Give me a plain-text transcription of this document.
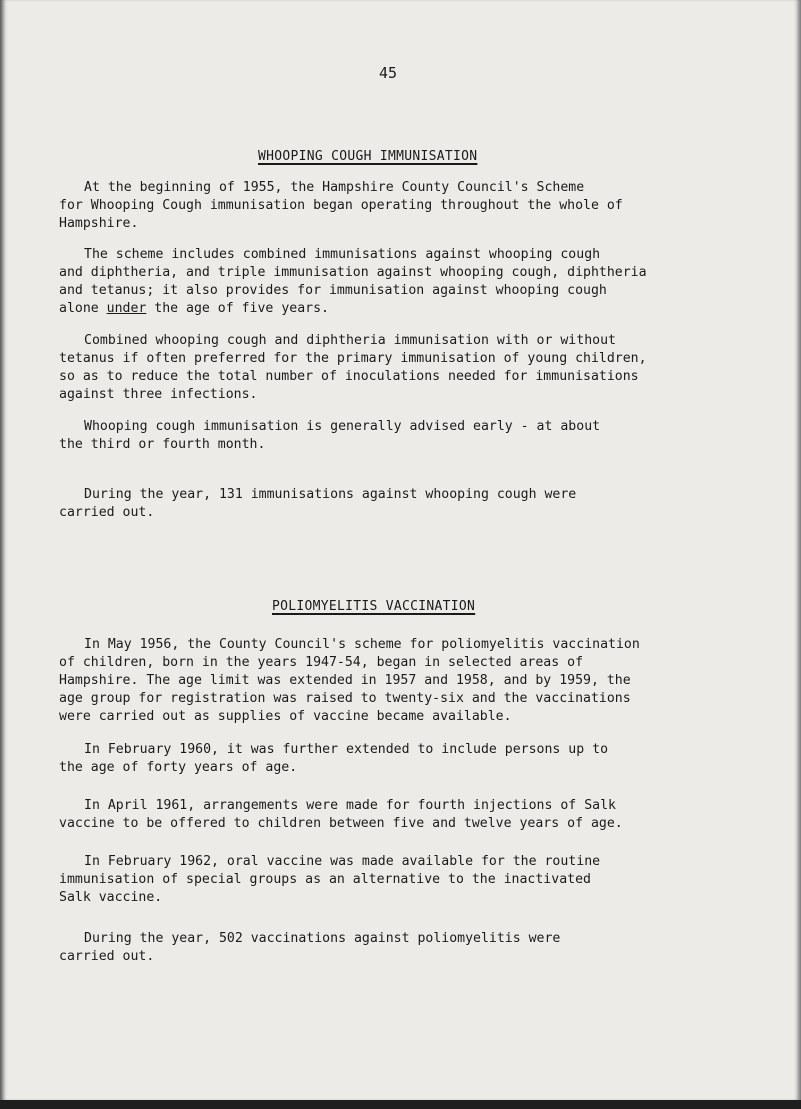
45
WHOOPING COUGH IMMUNISATION

At the beginning of 1955, the Hampshire County Council's Scheme
for Whooping Cough immunisation began operating throughout the whole of
Hampshire.

The scheme includes combined immunisations against whooping cough
and diphtheria, and triple immunisation against whooping cough, diphtheria
and tetanus; it also provides for immunisation against whooping cough
alone under the age of five years.

Combined whooping cough and diphtheria immunisation with or without
tetanus if often preferred for the primary immunisation of young children,
so as to reduce the total number of inoculations needed for immunisations
against three infections.

Whooping cough immunisation is generally advised early - at about
the third or fourth month.

During the year, 131 immunisations against whooping cough were
carried out.

POLIOMYELITIS VACCINATION

In May 1956, the County Council's scheme for poliomyelitis vaccination
of children, born in the years 1947-54, began in selected areas of
Hampshire. The age limit was extended in 1957 and 1958, and by 1959, the
age group for registration was raised to twenty-six and the vaccinations
were carried out as supplies of vaccine became available.

In February 1960, it was further extended to include persons up to
the age of forty years of age.

In April 1961, arrangements were made for fourth injections of Salk
vaccine to be offered to children between five and twelve years of age.

In February 1962, oral vaccine was made available for the routine
immunisation of special groups as an alternative to the inactivated
Salk vaccine.

During the year, 502 vaccinations against poliomyelitis were
carried out.
